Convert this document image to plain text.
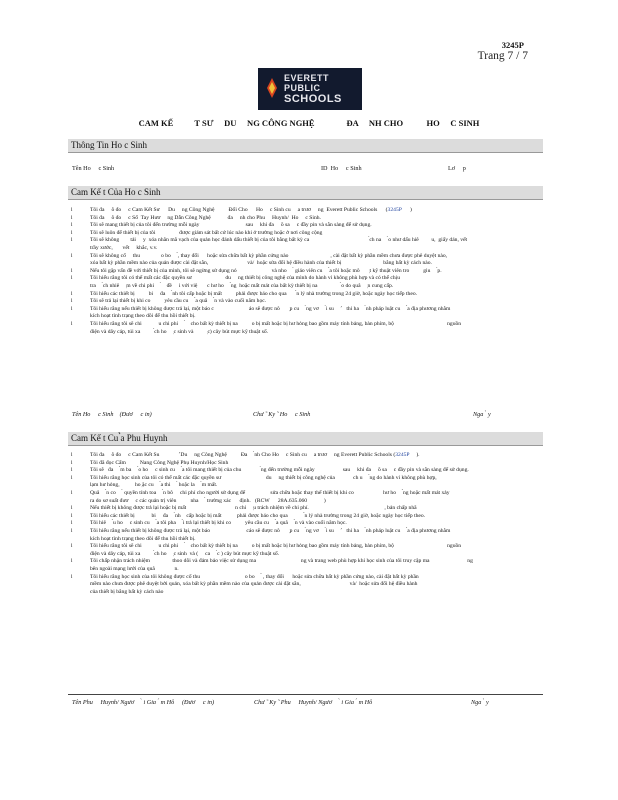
3245P
Trang 7 / 7
EVERETT
PUBLIC
SCHOOLS
CAM KẾ          T SƯ     DU     NG CÔNG NGHỆ               ĐA     NH CHO           HO     C SINH
Thông Tin Ho c Sinh
Tên Ho     c Sinh	ID  Ho     c Sinh	Lơ     p
Cam Kế t Của Ho c Sinh
l Tôi đa     õ đo     c Cam Kết Sư      Du     ng Công Nghệ          Đối Cho      Ho     c Sinh cu     a trươ     ng  Everett Public Schools      (3245P      )
l Tôi đa     õ đo     c Sổ  Tay Hươ     ng Dẫn Công Nghệ            đa     nh cho Phu     Huynh/  Ho     c Sinh.
l Tôi sẽ mang thiết bị của tôi đến trường mỗi ngày                                 sau     khi đa     õ sa     c đầy pin và sẵn sàng để sử dụng.
l Tôi sẽ luôn để thiết bị của tôi                 được giám sát bất cứ lúc nào khi ở trường hoặc ở nơi công cộng
l Tôi sẽ không        tải     y  xóa nhãn mã vạch của quản học đánh dấu thiết bị của tôi bằng bất kỳ ca                                           ́ch na     ̀o như dấu hiê         u,  giấy dán, vết
trầy xước,       vết     khắc, v.v.
l Tôi sẽ không cố     thu               o bo     ̉, thay đổi      hoặc sửa chữa bất kỳ phần cứng nào                              , cài đặt bất kỳ phần mềm chưa được phê duyệt nào,
xóa bất kỳ phần mềm nào của quản được cài đặt sẵn,                            và/  hoặc sửa đổi hệ điều hành của thiết bị                              bằng bất kỳ cách nào.
l Nếu tôi gặp vấn đề với thiết bị của mình, tôi sẽ ngừng sử dụng nó                         và nho     ̀ giáo viên cu     ̉a tôi hoặc mô       ̣t kỹ thuật viên tro          giu     ́p.
l Tôi hiểu rằng tôi có thể mất các đặc quyền sư                        du     ng thiết bị công nghệ của mình do hành vi không phù hợp và có thể chịu
tra     ́ch nhiê     ̣m về chi phi     ́    đề     i với việ       c hư ho     ̉ng  hoặc mất mát của bất kỳ thiết bị na                 ̀o do quâ     ̣n cung cấp.
l Tôi hiểu các thiết bị          bi     đa     ̀nh tôi cấp hoặc bị mất          phải được báo cho qua       ̉n lý nhà trường trong 24 giờ, hoặc ngày học tiếp theo.
l Tôi sẽ trả lại thiết bị khi co          yêu cầu cu     ̉a quâ     ̉n và vào cuối năm học.
l Tôi hiểu rằng nếu thiết bị không được trả lại, một báo c                         áo sẽ được nô       ̣p cu     ̀ng vơ     ́i su     ̛    thi ha     ̀nh pháp luật cu     ̉a địa phương nhằm
kích hoạt tình trạng theo dõi để thu hồi thiết bị.
l Tôi hiểu rằng tôi sẽ chi            u chi phi     ́    cho bất kỳ thiết bị na          o bị mất hoặc bị hư hỏng bao gồm máy tính bảng, bàn phím, bộ                                      nguồn
điện và dây cáp, túi xa          ́ch ho     ̣c sinh và          ̣c) cây bút mực kỹ thuật số.
Tên Ho     c Sinh    (Đươ     c in)	Chư ̃  Ky ̃  Ho     c Sinh	Nga  ̀ y
Cam Kế t Cu ̉a Phu Huynh
l Tôi đa     õ đo     c Cam Kết Su              ̛ Du     ng Công Nghệ          Đa     ̀nh Cho Ho     c Sinh cu     a trươ     ng Everett Public Schools (3245P     ).
l Tôi đã đọc Cẩm          Nang Công Nghệ Phụ Huynh/Học Sinh
l Tôi sẽ   đa     ̉m ba     ̉o ho     c sinh cu     ̉a tôi mang thiết bị của chu              ́ng đến trường mỗi ngày                    sau     khi đa     õ sa     c đầy pin và sẵn sàng để sử dụng.
l Tôi hiểu rằng học sinh của tôi có thể mất các đặc quyền sư                                du     ng thiết bị công nghệ của             ch u     ́ng do hành vi không phù hợp,
lạm hư hỏng,           ho ̣ặc cu     ̉a thi     ́ hoặc la     ̀m mất.
l Quâ     ̉n co     ̀ quyền tính toa     ́n bô     chi phí cho người sử dụng để                  sửa chữa hoặc thay thế thiết bị khi co                     hư ho     ̉ng hoặc mất mát xảy
ra do sơ suất đươ     c các quản trị viên          nha     ̀ trường xác      định.   (RCW      28A.635.060            )
l Nếu thiết bị không được trả lại hoặc bị mất                                   n chi     ̣u trách nhiệm về chi phí.                                                      , bản chấp nhã
l Tôi hiểu các thiết bị            bi     đa     ̀nh    cấp hoặc bị mất           phải được báo cho qua            ̉n lý nhà trường trong 24 giờ, hoặc ngày học tiếp theo.
l Tôi hiê     ̉u ho     c sinh cu     ̉a tôi pha     ̉i trả lại thiết bị khi co          yêu cầu cu     ̉a quâ     ̉n và vào cuối năm học.
l Tôi hiểu rằng nếu thiết bị không được trả lại, một báo                          cáo sẽ được nô       ̣p cu     ̀ng vơ     ́i su     ̛    thi ha     ̀nh pháp luật cu     ̉a địa phương nhằm
kích hoạt tình trạng theo dõi để thu hồi thiết bị.
l Tôi hiểu rằng tôi sẽ chi            u chi phi     ́    cho bất kỳ thiết bị na          o bị mất hoặc bị hư hỏng bao gồm máy tính bảng, bàn phím, bộ                                      nguồn
điện và dây cáp, túi xa          ́ch ho     ̣c sinh  và (     ca     ́c ) cây bút mực kỹ thuật số.
l Tôi chấp nhận trách nhiệm                thoo dõi và đảm bảo việc sử dụng ma                                ng và trang web phù hợp khi học sinh của tôi truy cập ma                           ng
bên ngoài mạng lưới của quâ              n.
l Tôi hiểu rằng học sinh của tôi không được cố thu                                o bo     ̉ , thay đổi      hoặc sửa chữa bất kỳ phần cứng nào, cài đặt bất kỳ phần
mềm nào chưa được phê duyệt bởi quản, xóa bất kỳ phần mềm nào của quản được cài đặt sẵn,                                   và/  hoặc sửa đổi hệ điều hành
của thiết bị bằng bất kỳ cách nào
Tên Phu     Huynh/ Ngươ     ̀ i Gia  ́ m Hô     (Đươ     c in)	Chư ̃  Ky ̃  Phu     Huynh/ Ngươ     ̀ i Gia  ́ m Hô	Nga  ̀ y
